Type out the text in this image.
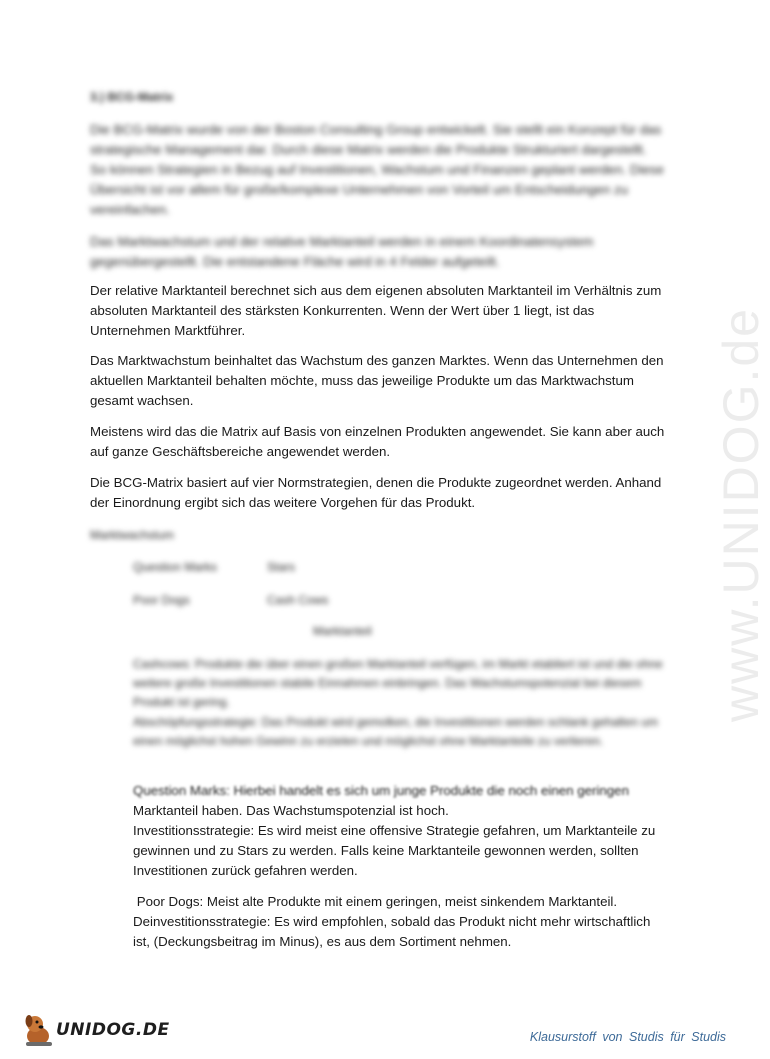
3.) BCG-Matrix

Die BCG-Matrix wurde von der Boston Consulting Group entwickelt. Sie stellt ein Konzept für das strategische Management dar. Durch diese Matrix werden die Produkte Strukturiert dargestellt. So können Strategien in Bezug auf Investitionen, Wachstum und Finanzen geplant werden. Diese Übersicht ist vor allem für große/komplexe Unternehmen von Vorteil um Entscheidungen zu vereinfachen.

Das Marktwachstum und der relative Marktanteil werden in einem Koordinatensystem gegenübergestellt. Die entstandene Fläche wird in 4 Felder aufgeteilt.

Der relative Marktanteil berechnet sich aus dem eigenen absoluten Marktanteil im Verhältnis zum absoluten Marktanteil des stärksten Konkurrenten. Wenn der Wert über 1 liegt, ist das Unternehmen Marktführer.

Das Marktwachstum beinhaltet das Wachstum des ganzen Marktes. Wenn das Unternehmen den aktuellen Marktanteil behalten möchte, muss das jeweilige Produkte um das Marktwachstum gesamt wachsen.

Meistens wird das die Matrix auf Basis von einzelnen Produkten angewendet. Sie kann aber auch auf ganze Geschäftsbereiche angewendet werden.

Die BCG-Matrix basiert auf vier Normstrategien, denen die Produkte zugeordnet werden. Anhand der Einordnung ergibt sich das weitere Vorgehen für das Produkt.

Marktwachstum
Question Marks	Stars
Poor Dogs	Cash Cows
Marktanteil

Cashcows: Produkte die über einen großen Marktanteil verfügen, im Markt etabliert ist und die ohne weitere große Investitionen stabile Einnahmen einbringen. Das Wachstumspotenzial bei diesem Produkt ist gering.

Abschöpfungsstrategie: Das Produkt wird gemolken, die Investitionen werden schlank gehalten um einen möglichst hohen Gewinn zu erzielen und möglichst ohne Marktanteile zu verlieren.

Question Marks: Hierbei handelt es sich um junge Produkte die noch einen geringen

Marktanteil haben. Das Wachstumspotenzial ist hoch.

Investitionsstrategie: Es wird meist eine offensive Strategie gefahren, um Marktanteile zu gewinnen und zu Stars zu werden. Falls keine Marktanteile gewonnen werden, sollten Investitionen zurück gefahren werden.

Poor Dogs: Meist alte Produkte mit einem geringen, meist sinkendem Marktanteil.

Deinvestitionsstrategie: Es wird empfohlen, sobald das Produkt nicht mehr wirtschaftlich ist, (Deckungsbeitrag im Minus), es aus dem Sortiment nehmen.

www.UNIDOG.de
UNIDOG.DE	Klausurstoff von Studis für Studis
